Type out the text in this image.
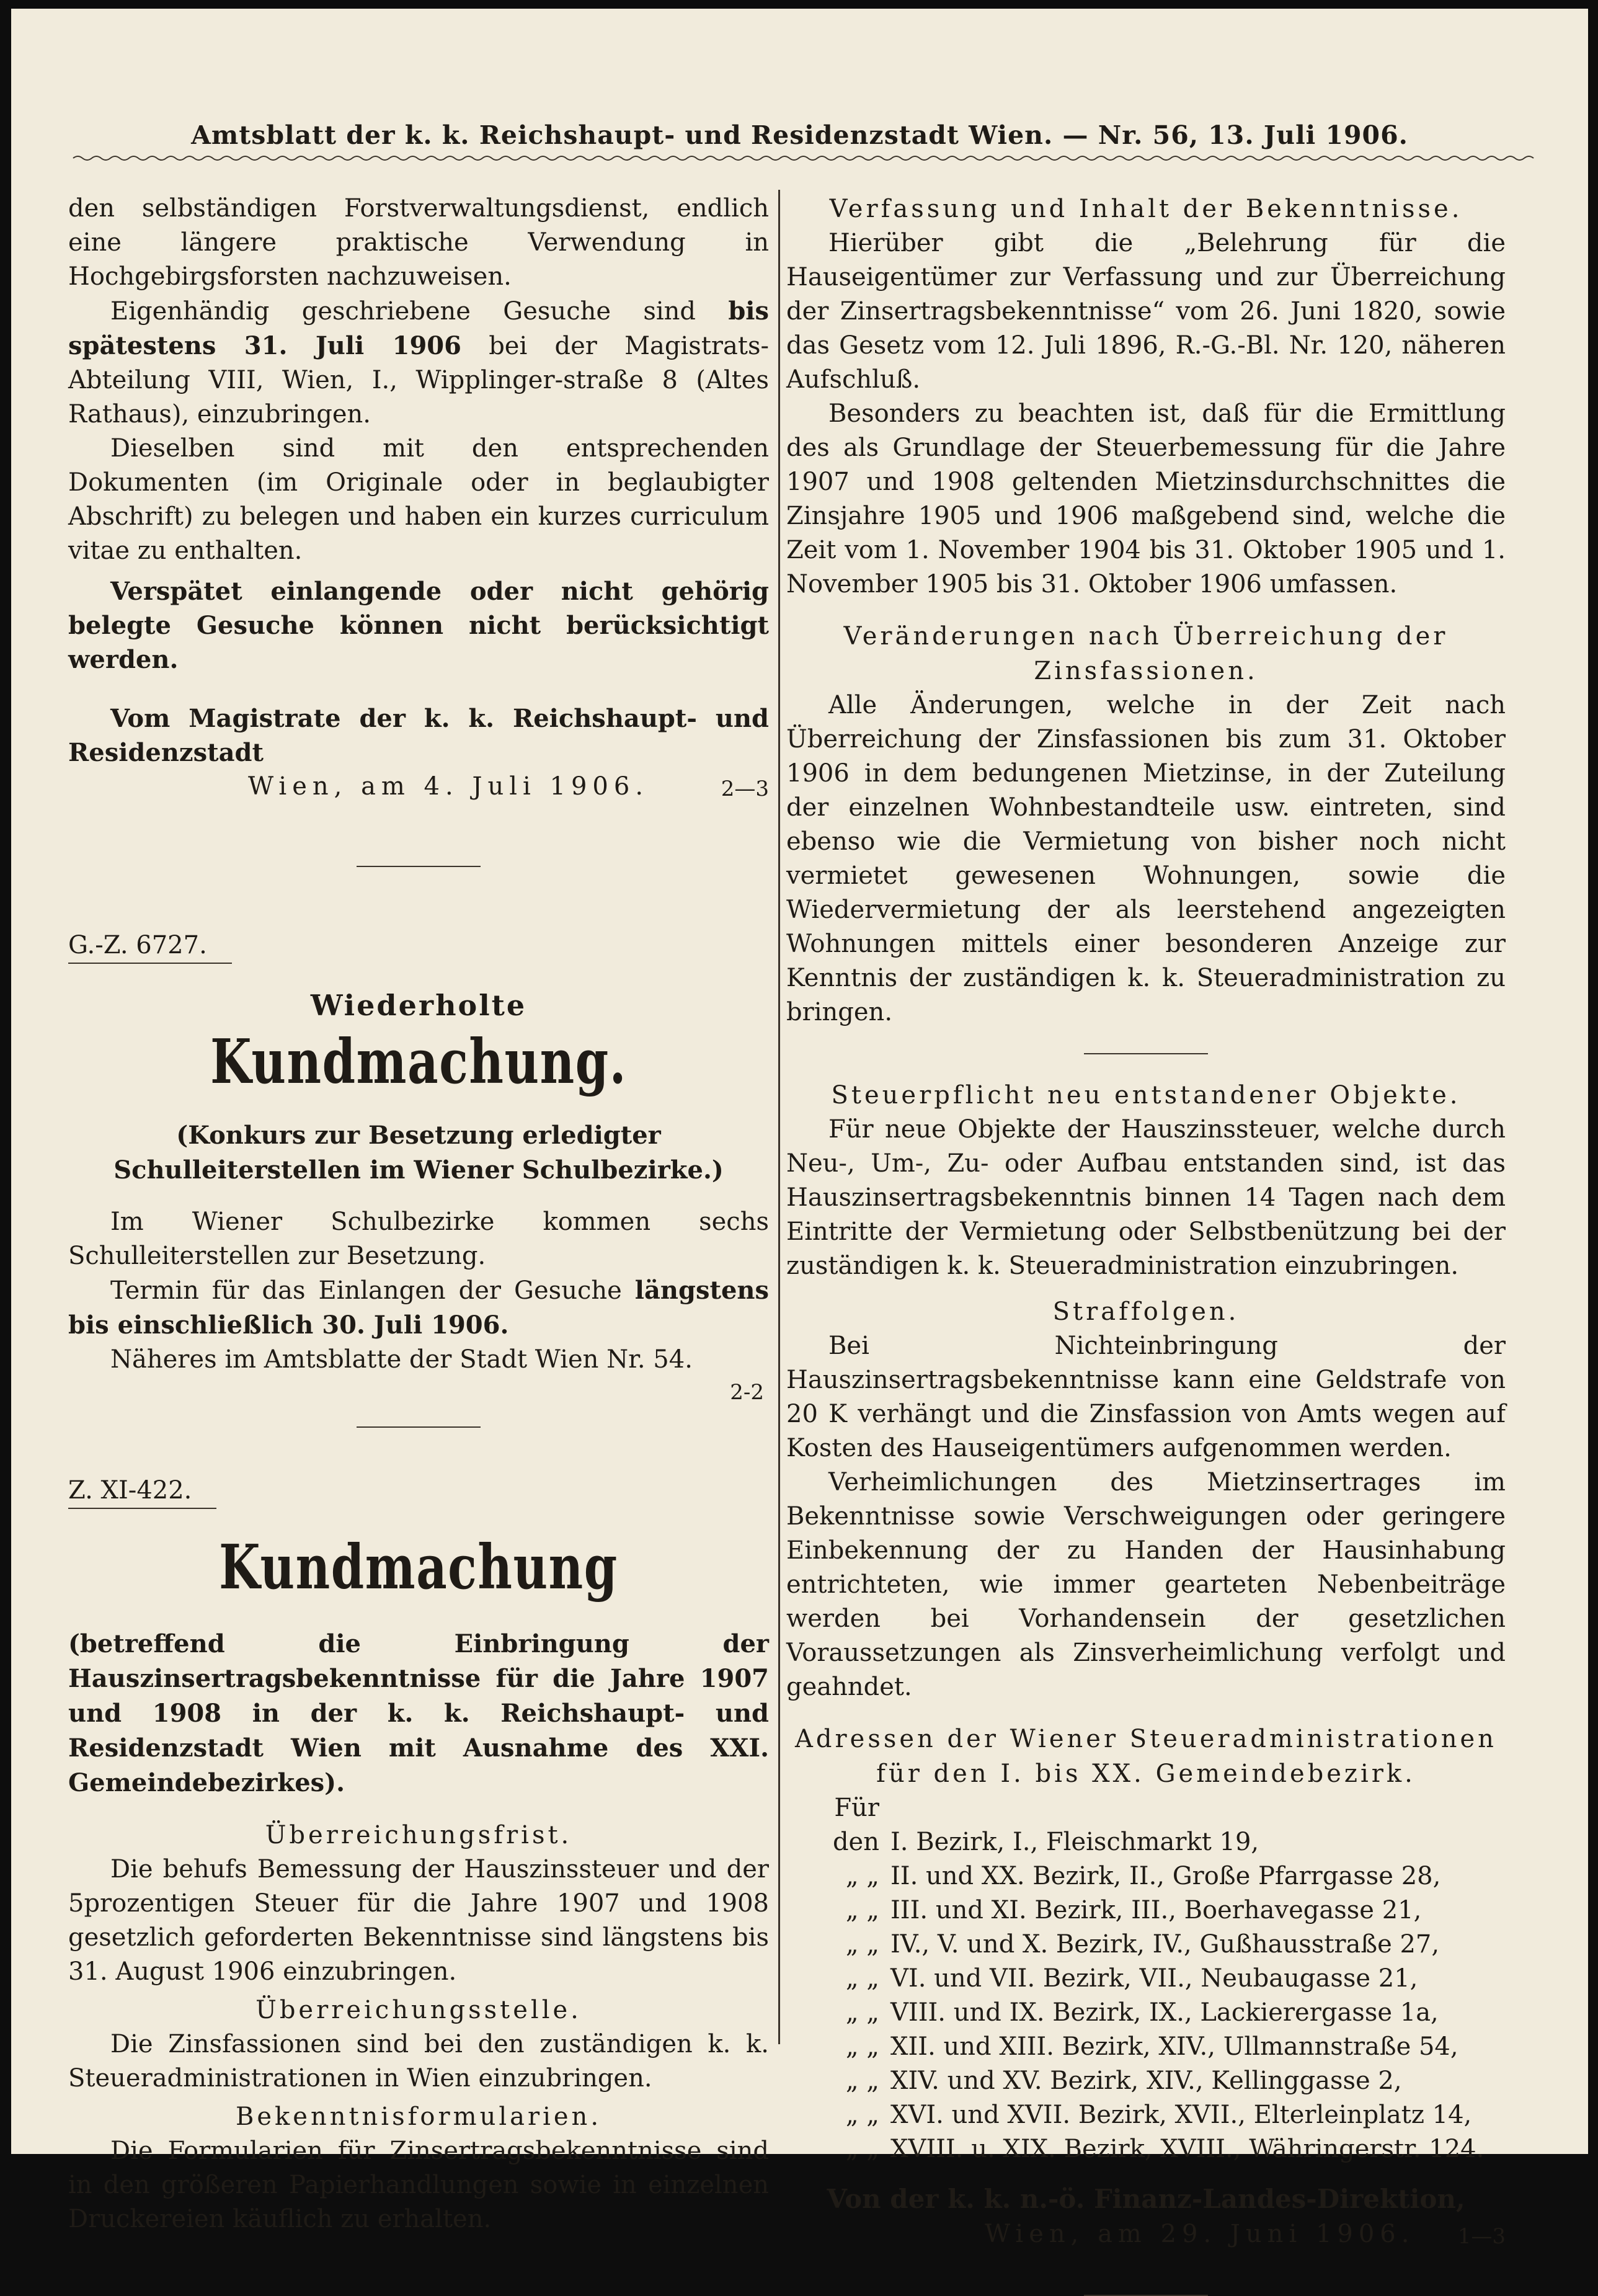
Amtsblatt der k. k. Reichshaupt- und Residenzstadt Wien. — Nr. 56, 13. Juli 1906.

den selbständigen Forstverwaltungsdienst, endlich eine längere praktische Verwendung in Hochgebirgsforsten nachzuweisen.

Eigenhändig geschriebene Gesuche sind bis spätestens 31. Juli 1906 bei der Magistrats-Abteilung VIII, Wien, I., Wipplinger-straße 8 (Altes Rathaus), einzubringen.

Dieselben sind mit den entsprechenden Dokumenten (im Originale oder in beglaubigter Abschrift) zu belegen und haben ein kurzes curriculum vitae zu enthalten.

Verspätet einlangende oder nicht gehörig belegte Gesuche können nicht berücksichtigt werden.

Vom Magistrate der k. k. Reichshaupt- und Residenzstadt

Wien, am 4. Juli 1906.	2—3
G.-Z. 6727.
Wiederholte
Kundmachung.
(Konkurs zur Besetzung erledigter Schulleiterstellen im Wiener Schulbezirke.)

Im Wiener Schulbezirke kommen sechs Schulleiterstellen zur Besetzung.

Termin für das Einlangen der Gesuche längstens bis einschließlich 30. Juli 1906.

Näheres im Amtsblatte der Stadt Wien Nr. 54.

2-2
Z. XI-422.
Kundmachung
(betreffend die Einbringung der Hauszinsertragsbekenntnisse für die Jahre 1907 und 1908 in der k. k. Reichshaupt- und Residenzstadt Wien mit Ausnahme des XXI. Gemeindebezirkes).
Überreichungsfrist.

Die behufs Bemessung der Hauszinssteuer und der 5prozentigen Steuer für die Jahre 1907 und 1908 gesetzlich geforderten Bekenntnisse sind längstens bis 31. August 1906 einzubringen.

Überreichungsstelle.

Die Zinsfassionen sind bei den zuständigen k. k. Steueradministrationen in Wien einzubringen.

Bekenntnisformularien.

Die Formularien für Zinsertragsbekenntnisse sind in den größeren Papierhandlungen sowie in einzelnen Druckereien käuflich zu erhalten.

Verfassung und Inhalt der Bekenntnisse.

Hierüber gibt die „Belehrung für die Hauseigentümer zur Verfassung und zur Überreichung der Zinsertragsbekenntnisse“ vom 26. Juni 1820, sowie das Gesetz vom 12. Juli 1896, R.-G.-Bl. Nr. 120, näheren Aufschluß.

Besonders zu beachten ist, daß für die Ermittlung des als Grundlage der Steuerbemessung für die Jahre 1907 und 1908 geltenden Mietzinsdurchschnittes die Zinsjahre 1905 und 1906 maßgebend sind, welche die Zeit vom 1. November 1904 bis 31. Oktober 1905 und 1. November 1905 bis 31. Oktober 1906 umfassen.

Veränderungen nach Überreichung der Zinsfassionen.

Alle Änderungen, welche in der Zeit nach Überreichung der Zinsfassionen bis zum 31. Oktober 1906 in dem bedungenen Mietzinse, in der Zuteilung der einzelnen Wohnbestandteile usw. eintreten, sind ebenso wie die Vermietung von bisher noch nicht vermietet gewesenen Wohnungen, sowie die Wiedervermietung der als leerstehend angezeigten Wohnungen mittels einer besonderen Anzeige zur Kenntnis der zuständigen k. k. Steueradministration zu bringen.

Steuerpflicht neu entstandener Objekte.

Für neue Objekte der Hauszinssteuer, welche durch Neu-, Um-, Zu- oder Aufbau entstanden sind, ist das Hauszinsertragsbekenntnis binnen 14 Tagen nach dem Eintritte der Vermietung oder Selbstbenützung bei der zuständigen k. k. Steueradministration einzubringen.

Straffolgen.

Bei Nichteinbringung der Hauszinsertragsbekenntnisse kann eine Geldstrafe von 20 K verhängt und die Zinsfassion von Amts wegen auf Kosten des Hauseigentümers aufgenommen werden.

Verheimlichungen des Mietzinsertrages im Bekenntnisse sowie Verschweigungen oder geringere Einbekennung der zu Handen der Hausinhabung entrichteten, wie immer gearteten Nebenbeiträge werden bei Vorhandensein der gesetzlichen Voraussetzungen als Zinsverheimlichung verfolgt und geahndet.

Adressen der Wiener Steueradministrationen
für den I. bis XX. Gemeindebezirk.

Für den I. Bezirk, I., Fleischmarkt 19,

„ „ II. und XX. Bezirk, II., Große Pfarrgasse 28,

„ „ III. und XI. Bezirk, III., Boerhavegasse 21,

„ „ IV., V. und X. Bezirk, IV., Gußhausstraße 27,

„ „ VI. und VII. Bezirk, VII., Neubaugasse 21,

„ „ VIII. und IX. Bezirk, IX., Lackierergasse 1a,

„ „ XII. und XIII. Bezirk, XIV., Ullmannstraße 54,

„ „ XIV. und XV. Bezirk, XIV., Kellinggasse 2,

„ „ XVI. und XVII. Bezirk, XVII., Elterleinplatz 14,

„ „ XVIII. u. XIX. Bezirk, XVIII., Währingerstr. 124.

Von der k. k. n.-ö. Finanz-Landes-Direktion,
Wien, am 29. Juni 1906. 1—3
